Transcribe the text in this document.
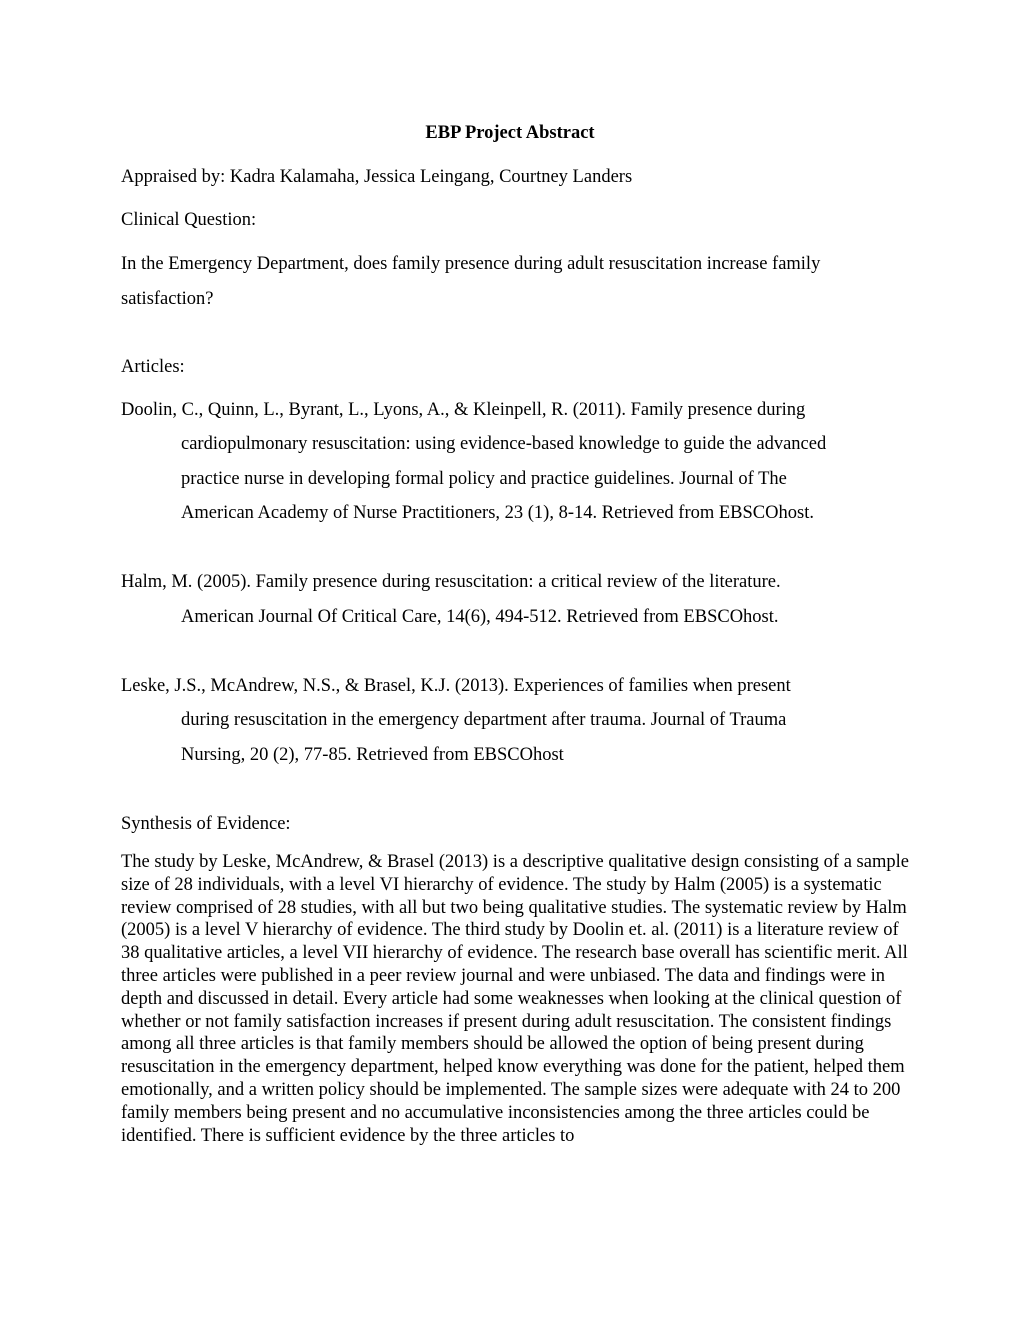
EBP Project Abstract
Appraised by: Kadra Kalamaha, Jessica Leingang, Courtney Landers
Clinical Question:
In the Emergency Department, does family presence during adult resuscitation increase family
satisfaction?
Articles:
Doolin, C., Quinn, L., Byrant, L., Lyons, A., & Kleinpell, R. (2011). Family presence during
cardiopulmonary resuscitation: using evidence-based knowledge to guide the advanced
practice nurse in developing formal policy and practice guidelines. Journal of The
American Academy of Nurse Practitioners, 23 (1), 8-14. Retrieved from EBSCOhost.
Halm, M. (2005). Family presence during resuscitation: a critical review of the literature.
American Journal Of Critical Care, 14(6), 494-512. Retrieved from EBSCOhost.
Leske, J.S., McAndrew, N.S., & Brasel, K.J. (2013). Experiences of families when present
during resuscitation in the emergency department after trauma. Journal of Trauma
Nursing, 20 (2), 77-85. Retrieved from EBSCOhost
Synthesis of Evidence:
The study by Leske, McAndrew, & Brasel (2013) is a descriptive qualitative design consisting of a sample size of 28 individuals, with a level VI hierarchy of evidence. The study by Halm (2005) is a systematic review comprised of 28 studies, with all but two being qualitative studies. The systematic review by Halm (2005) is a level V hierarchy of evidence. The third study by Doolin et. al. (2011) is a literature review of 38 qualitative articles, a level VII hierarchy of evidence. The research base overall has scientific merit. All three articles were published in a peer review journal and were unbiased. The data and findings were in depth and discussed in detail. Every article had some weaknesses when looking at the clinical question of whether or not family satisfaction increases if present during adult resuscitation. The consistent findings among all three articles is that family members should be allowed the option of being present during resuscitation in the emergency department, helped know everything was done for the patient, helped them emotionally, and a written policy should be implemented. The sample sizes were adequate with 24 to 200 family members being present and no accumulative inconsistencies among the three articles could be identified. There is sufficient evidence by the three articles to
